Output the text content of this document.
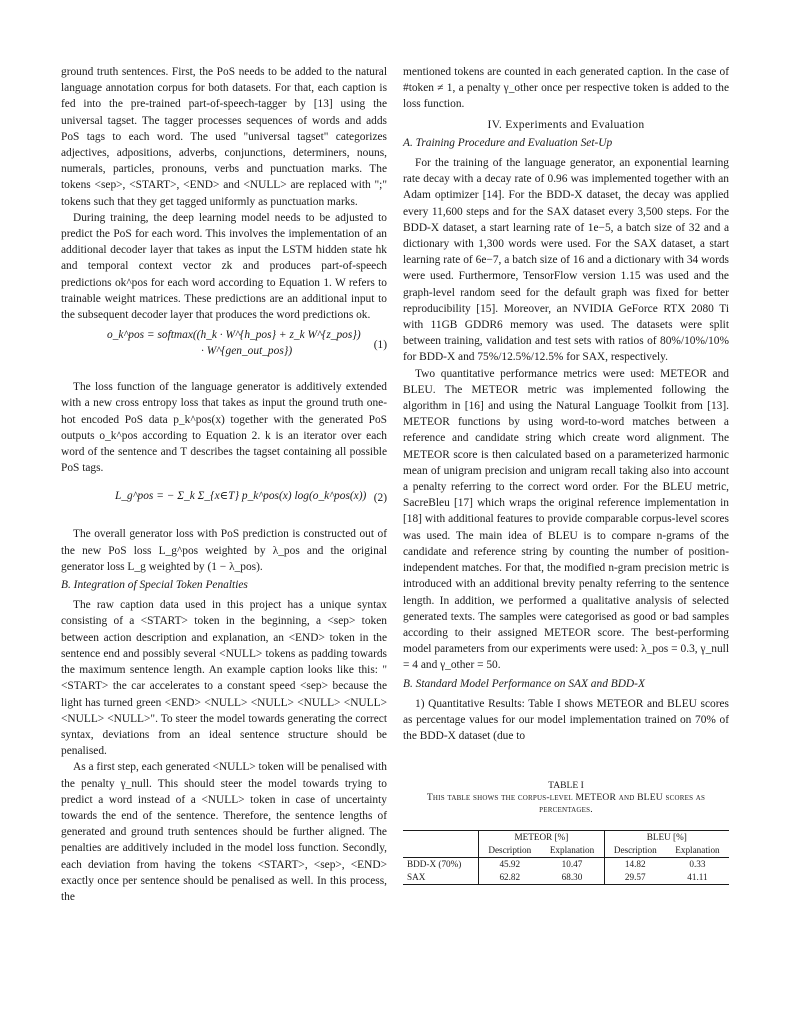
ground truth sentences. First, the PoS needs to be added to the natural language annotation corpus for both datasets. For that, each caption is fed into the pre-trained part-of-speech-tagger by [13] using the universal tagset. The tagger processes sequences of words and adds PoS tags to each word. The used "universal tagset" categorizes adjectives, adpositions, adverbs, conjunctions, determiners, nouns, numerals, particles, pronouns, verbs and punctuation marks. The tokens <sep>, <START>, <END> and <NULL> are replaced with ";" tokens such that they get tagged uniformly as punctuation marks.

During training, the deep learning model needs to be adjusted to predict the PoS for each word. This involves the implementation of an additional decoder layer that takes as input the LSTM hidden state hk and temporal context vector zk and produces part-of-speech predictions ok^pos for each word according to Equation 1. W refers to trainable weight matrices. These predictions are an additional input to the subsequent decoder layer that produces the word predictions ok.

o_k^pos = softmax((h_k · W^{h_pos} + z_k W^{z_pos})
· W^{gen_out_pos})	(1)

The loss function of the language generator is additively extended with a new cross entropy loss that takes as input the ground truth one-hot encoded PoS data p_k^pos(x) together with the generated PoS outputs o_k^pos according to Equation 2. k is an iterator over each word of the sentence and T describes the tagset containing all possible PoS tags.

L_g^pos = − Σ_k Σ_{x∈T} p_k^pos(x) log(o_k^pos(x)) (2)

The overall generator loss with PoS prediction is constructed out of the new PoS loss L_g^pos weighted by λ_pos and the original generator loss L_g weighted by (1 − λ_pos).

B. Integration of Special Token Penalties

The raw caption data used in this project has a unique syntax consisting of a <START> token in the beginning, a <sep> token between action description and explanation, an <END> token in the sentence end and possibly several <NULL> tokens as padding towards the maximum sentence length. An example caption looks like this: "<START> the car accelerates to a constant speed <sep> because the light has turned green <END> <NULL> <NULL> <NULL> <NULL> <NULL> <NULL>". To steer the model towards generating the correct syntax, deviations from an ideal sentence structure should be penalised.

As a first step, each generated <NULL> token will be penalised with the penalty γ_null. This should steer the model towards trying to predict a word instead of a <NULL> token in case of uncertainty towards the end of the sentence. Therefore, the sentence lengths of generated and ground truth sentences should be further aligned. The penalties are additively included in the model loss function. Secondly, each deviation from having the tokens <START>, <sep>, <END> exactly once per sentence should be penalised as well. In this process, the

mentioned tokens are counted in each generated caption. In the case of #token ≠ 1, a penalty γ_other once per respective token is added to the loss function.

IV. Experiments and Evaluation
A. Training Procedure and Evaluation Set-Up

For the training of the language generator, an exponential learning rate decay with a decay rate of 0.96 was implemented together with an Adam optimizer [14]. For the BDD-X dataset, the decay was applied every 11,600 steps and for the SAX dataset every 3,500 steps. For the BDD-X dataset, a start learning rate of 1e−5, a batch size of 32 and a dictionary with 1,300 words were used. For the SAX dataset, a start learning rate of 6e−7, a batch size of 16 and a dictionary with 34 words were used. Furthermore, TensorFlow version 1.15 was used and the graph-level random seed for the default graph was fixed for better reproducibility [15]. Moreover, an NVIDIA GeForce RTX 2080 Ti with 11GB GDDR6 memory was used. The datasets were split between training, validation and test sets with ratios of 80%/10%/10% for BDD-X and 75%/12.5%/12.5% for SAX, respectively.

Two quantitative performance metrics were used: METEOR and BLEU. The METEOR metric was implemented following the algorithm in [16] and using the Natural Language Toolkit from [13]. METEOR functions by using word-to-word matches between a reference and candidate string which create word alignment. The METEOR score is then calculated based on a parameterized harmonic mean of unigram precision and unigram recall taking also into account a penalty referring to the correct word order. For the BLEU metric, SacreBleu [17] which wraps the original reference implementation in [18] with additional features to provide comparable corpus-level scores was used. The main idea of BLEU is to compare n-grams of the candidate and reference string by counting the number of position-independent matches. For that, the modified n-gram precision metric is introduced with an additional brevity penalty referring to the sentence length. In addition, we performed a qualitative analysis of selected generated texts. The samples were categorised as good or bad samples according to their assigned METEOR score. The best-performing model parameters from our experiments were used: λ_pos = 0.3, γ_null = 4 and γ_other = 50.

B. Standard Model Performance on SAX and BDD-X

1) Quantitative Results: Table I shows METEOR and BLEU scores as percentage values for our model implementation trained on 70% of the BDD-X dataset (due to

TABLE I
This table shows the corpus-level METEOR and BLEU scores as percentages.
	METEOR [%]		BLEU [%]	
	Description	Explanation	Description	Explanation
BDD-X (70%)	45.92	10.47	14.82	0.33
SAX	62.82	68.30	29.57	41.11
